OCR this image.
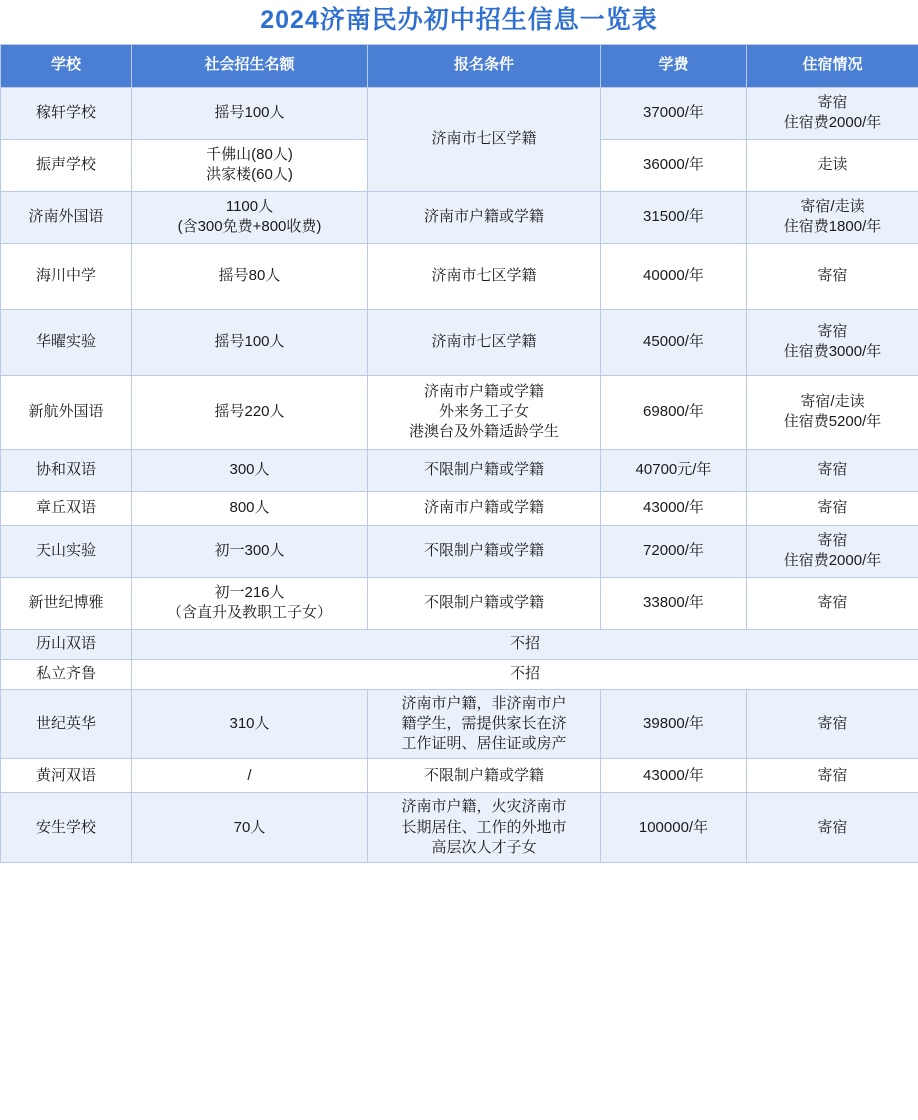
2024济南民办初中招生信息一览表
学校	社会招生名额	报名条件	学费	住宿情况

稼轩学校	摇号100人	济南市七区学籍	37000/年	寄宿
住宿费2000/年

振声学校	千佛山(80人)
洪家楼(60人)		36000/年	走读

济南外国语	1100人
(含300免费+800收费)	济南市户籍或学籍	31500/年	寄宿/走读
住宿费1800/年

海川中学	摇号80人	济南市七区学籍	40000/年	寄宿

华曜实验	摇号100人	济南市七区学籍	45000/年	寄宿
住宿费3000/年

新航外国语	摇号220人	济南市户籍或学籍
外来务工子女
港澳台及外籍适龄学生	69800/年	寄宿/走读
住宿费5200/年

协和双语	300人	不限制户籍或学籍	40700元/年	寄宿

章丘双语	800人	济南市户籍或学籍	43000/年	寄宿

天山实验	初一300人	不限制户籍或学籍	72000/年	寄宿
住宿费2000/年

新世纪博雅	初一216人
（含直升及教职工子女）	不限制户籍或学籍	33800/年	寄宿

历山双语	不招			

私立齐鲁	不招			

世纪英华	310人	济南市户籍，非济南市户
籍学生，需提供家长在济
工作证明、居住证或房产	39800/年	寄宿

黄河双语	/	不限制户籍或学籍	43000/年	寄宿

安生学校	70人	济南市户籍，火灾济南市
长期居住、工作的外地市
高层次人才子女	100000/年	寄宿
